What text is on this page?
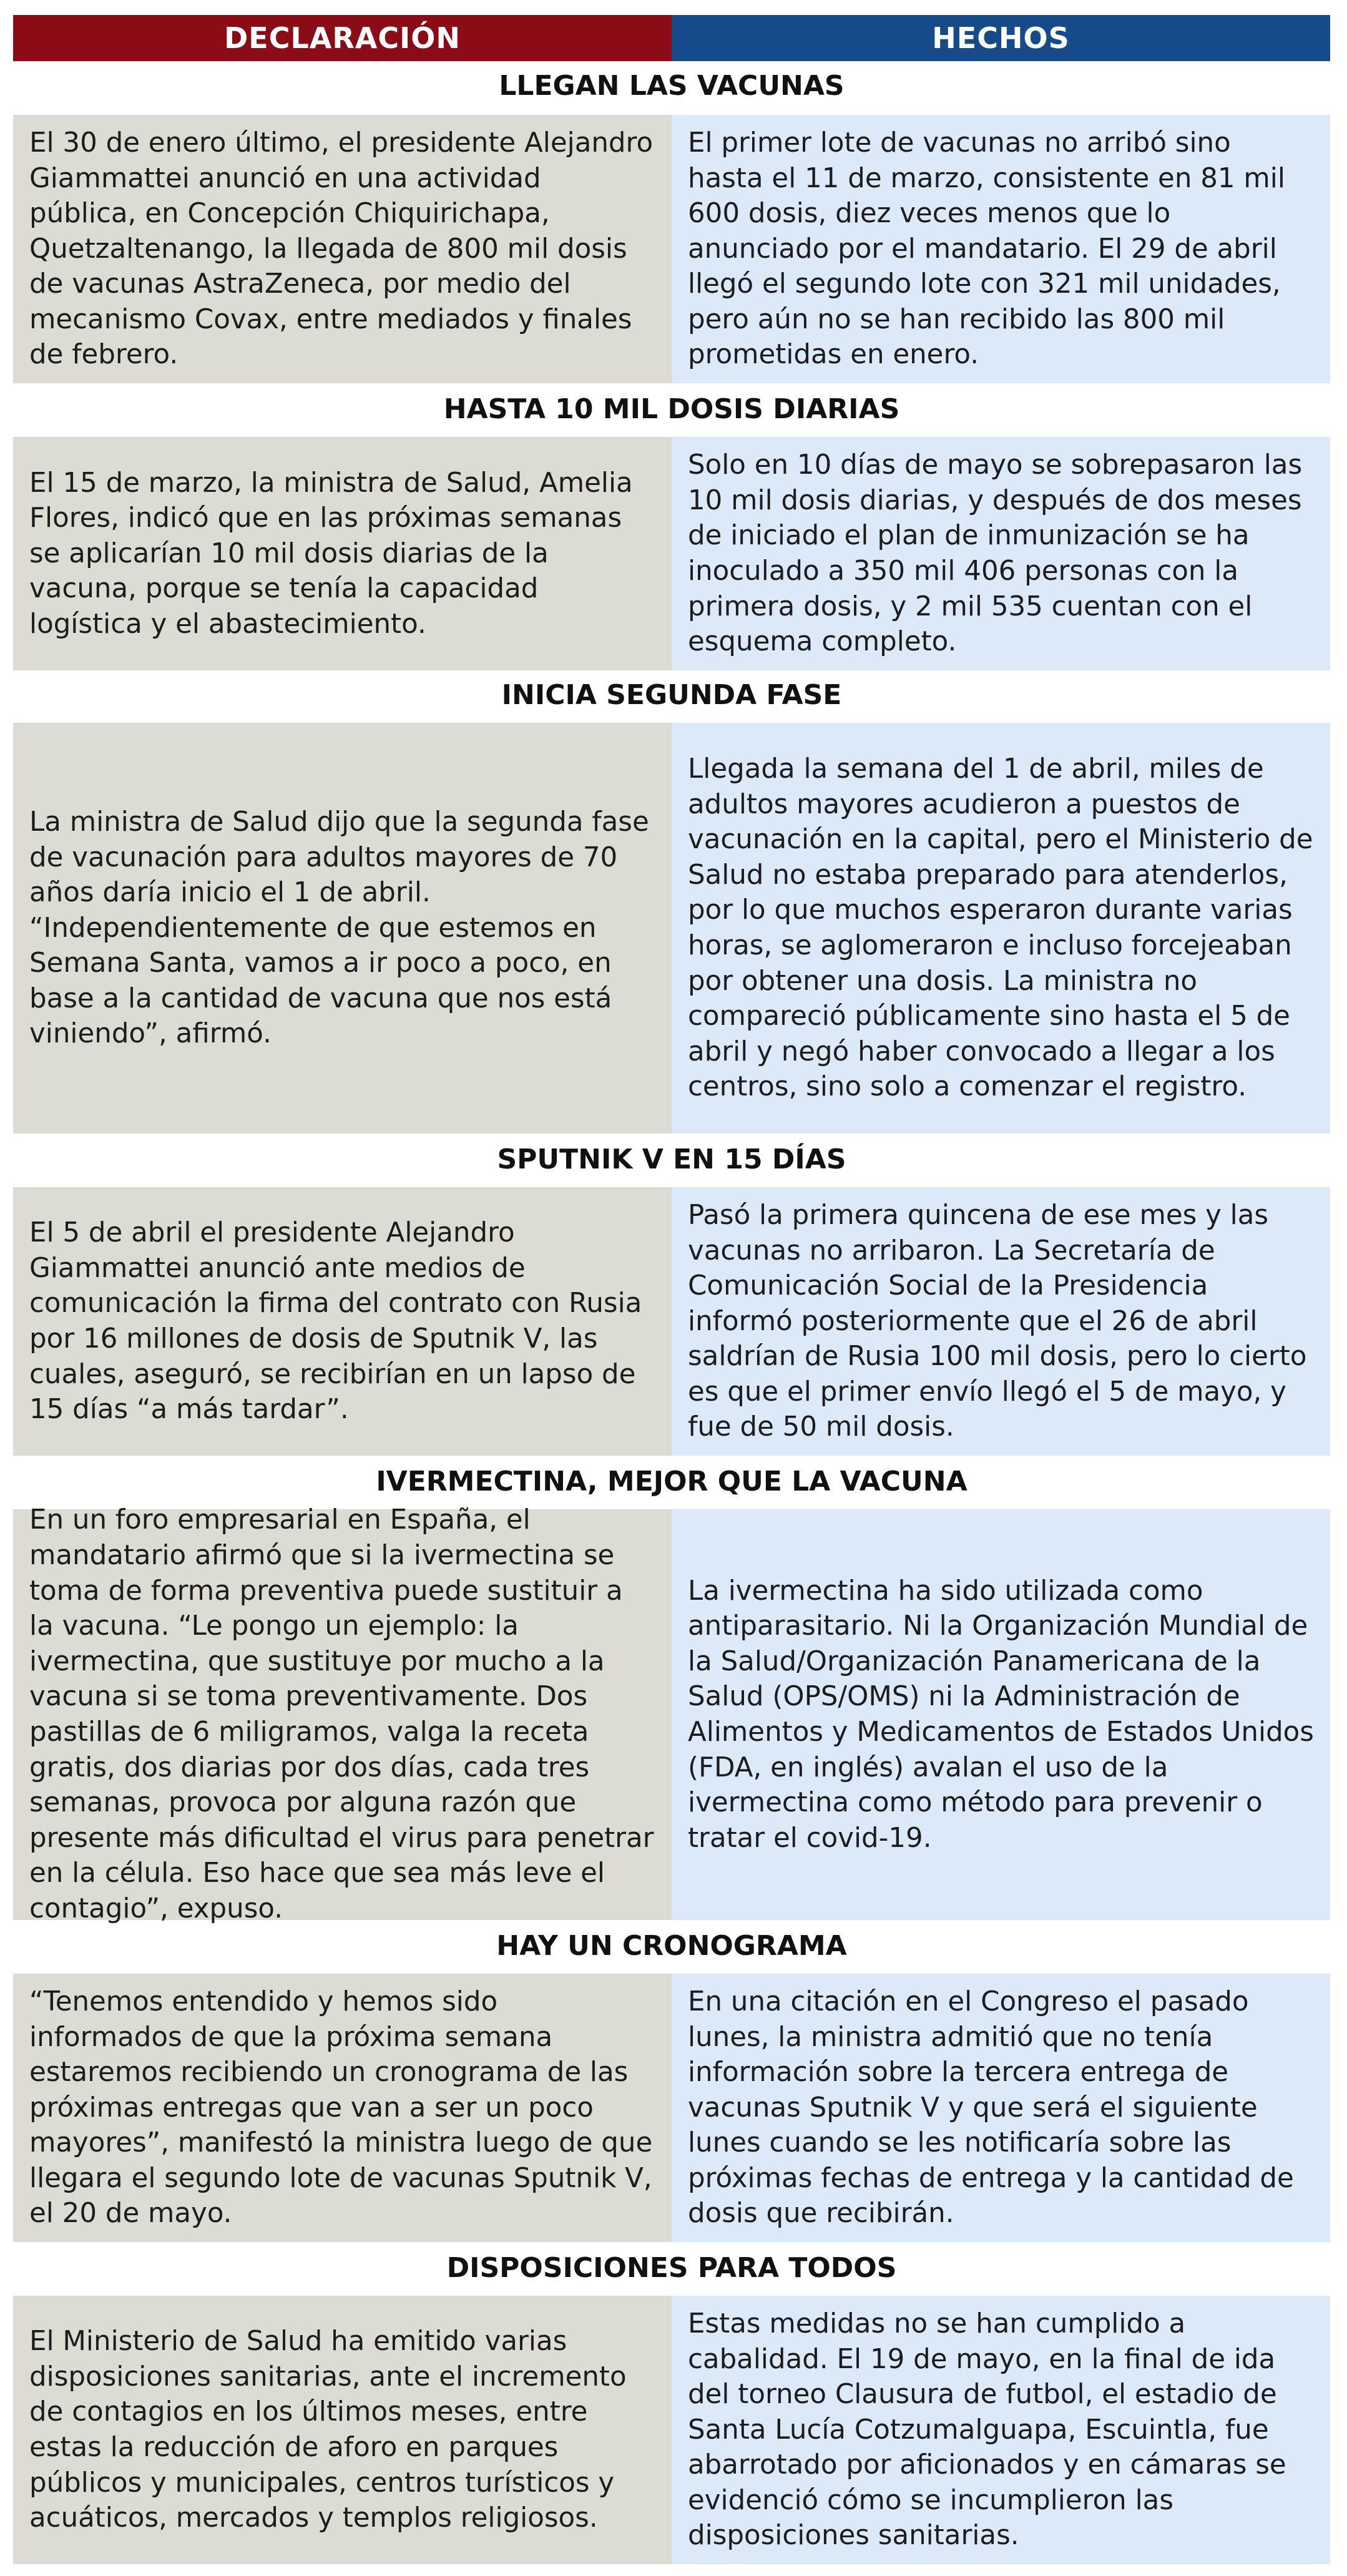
DECLARACIÓN	HECHOS
LLEGAN LAS VACUNAS
El 30 de enero último, el presidente Alejandro Giammattei anunció en una actividad pública, en Concepción Chiquirichapa, Quetzaltenango, la llegada de 800 mil dosis de vacunas AstraZeneca, por medio del mecanismo Covax, entre mediados y finales de febrero.
El primer lote de vacunas no arribó sino hasta el 11 de marzo, consistente en 81 mil 600 dosis, diez veces menos que lo anunciado por el mandatario. El 29 de abril llegó el segundo lote con 321 mil unidades, pero aún no se han recibido las 800 mil prometidas en enero.
HASTA 10 MIL DOSIS DIARIAS
El 15 de marzo, la ministra de Salud, Amelia Flores, indicó que en las próximas semanas se aplicarían 10 mil dosis diarias de la vacuna, porque se tenía la capacidad logística y el abastecimiento.
Solo en 10 días de mayo se sobrepasaron las 10 mil dosis diarias, y después de dos meses de iniciado el plan de inmunización se ha inoculado a 350 mil 406 personas con la primera dosis, y 2 mil 535 cuentan con el esquema completo.
INICIA SEGUNDA FASE
La ministra de Salud dijo que la segunda fase de vacunación para adultos mayores de 70 años daría inicio el 1 de abril. “Independientemente de que estemos en Semana Santa, vamos a ir poco a poco, en base a la cantidad de vacuna que nos está viniendo”, afirmó.
Llegada la semana del 1 de abril, miles de adultos mayores acudieron a puestos de vacunación en la capital, pero el Ministerio de Salud no estaba preparado para atenderlos, por lo que muchos esperaron durante varias horas, se aglomeraron e incluso forcejeaban por obtener una dosis. La ministra no compareció públicamente sino hasta el 5 de abril y negó haber convocado a llegar a los centros, sino solo a comenzar el registro.
SPUTNIK V EN 15 DÍAS
El 5 de abril el presidente Alejandro Giammattei anunció ante medios de comunicación la firma del contrato con Rusia por 16 millones de dosis de Sputnik V, las cuales, aseguró, se recibirían en un lapso de 15 días “a más tardar”.
Pasó la primera quincena de ese mes y las vacunas no arribaron. La Secretaría de Comunicación Social de la Presidencia informó posteriormente que el 26 de abril saldrían de Rusia 100 mil dosis, pero lo cierto es que el primer envío llegó el 5 de mayo, y fue de 50 mil dosis.
IVERMECTINA, MEJOR QUE LA VACUNA
En un foro empresarial en España, el mandatario afirmó que si la ivermectina se toma de forma preventiva puede sustituir a la vacuna. “Le pongo un ejemplo: la ivermectina, que sustituye por mucho a la vacuna si se toma preventivamente. Dos pastillas de 6 miligramos, valga la receta gratis, dos diarias por dos días, cada tres semanas, provoca por alguna razón que presente más dificultad el virus para penetrar en la célula. Eso hace que sea más leve el contagio”, expuso.
La ivermectina ha sido utilizada como antiparasitario. Ni la Organización Mundial de la Salud/Organización Panamericana de la Salud (OPS/OMS) ni la Administración de Alimentos y Medicamentos de Estados Unidos (FDA, en inglés) avalan el uso de la ivermectina como método para prevenir o tratar el covid-19.
HAY UN CRONOGRAMA
“Tenemos entendido y hemos sido informados de que la próxima semana estaremos recibiendo un cronograma de las próximas entregas que van a ser un poco mayores”, manifestó la ministra luego de que llegara el segundo lote de vacunas Sputnik V, el 20 de mayo.
En una citación en el Congreso el pasado lunes, la ministra admitió que no tenía información sobre la tercera entrega de vacunas Sputnik V y que será el siguiente lunes cuando se les notificaría sobre las próximas fechas de entrega y la cantidad de dosis que recibirán.
DISPOSICIONES PARA TODOS
El Ministerio de Salud ha emitido varias disposiciones sanitarias, ante el incremento de contagios en los últimos meses, entre estas la reducción de aforo en parques públicos y municipales, centros turísticos y acuáticos, mercados y templos religiosos.
Estas medidas no se han cumplido a cabalidad. El 19 de mayo, en la final de ida del torneo Clausura de futbol, el estadio de Santa Lucía Cotzumalguapa, Escuintla, fue abarrotado por aficionados y en cámaras se evidenció cómo se incumplieron las disposiciones sanitarias.
